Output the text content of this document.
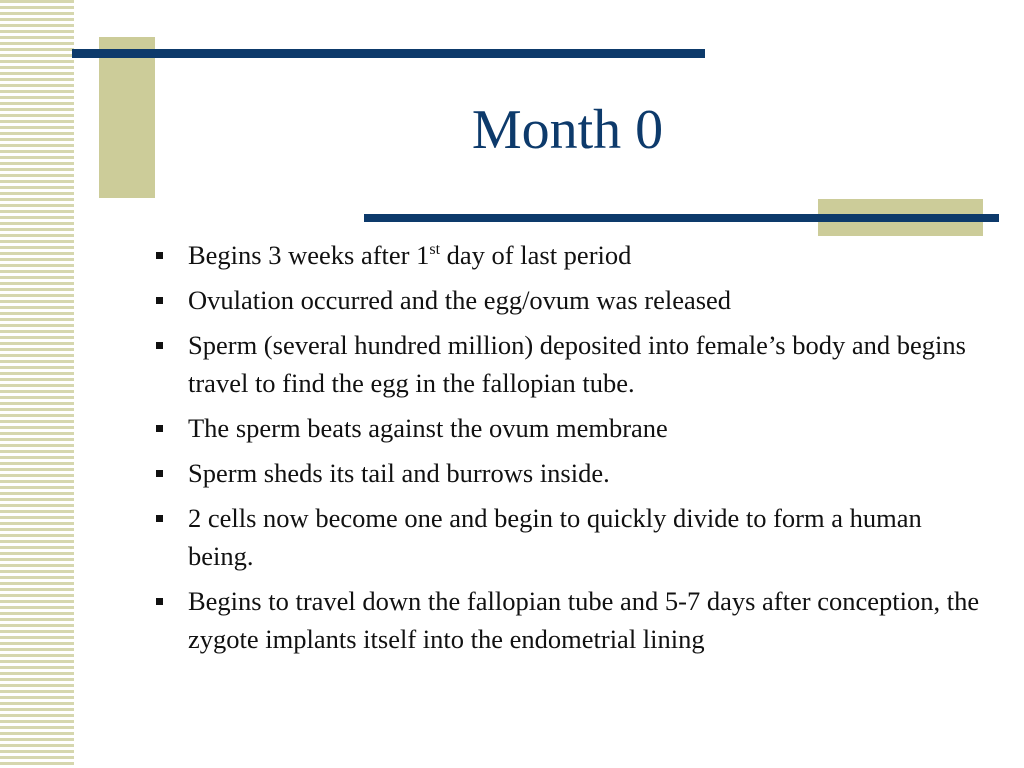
Month 0
Begins 3 weeks after 1st day of last period
Ovulation occurred and the egg/ovum was released
Sperm (several hundred million) deposited into female’s body and begins travel to find the egg in the fallopian tube.
The sperm beats against the ovum membrane
Sperm sheds its tail and burrows inside.
2 cells now become one and begin to quickly divide to form a human being.
Begins to travel down the fallopian tube and 5-7 days after conception, the zygote implants itself into the endometrial lining
